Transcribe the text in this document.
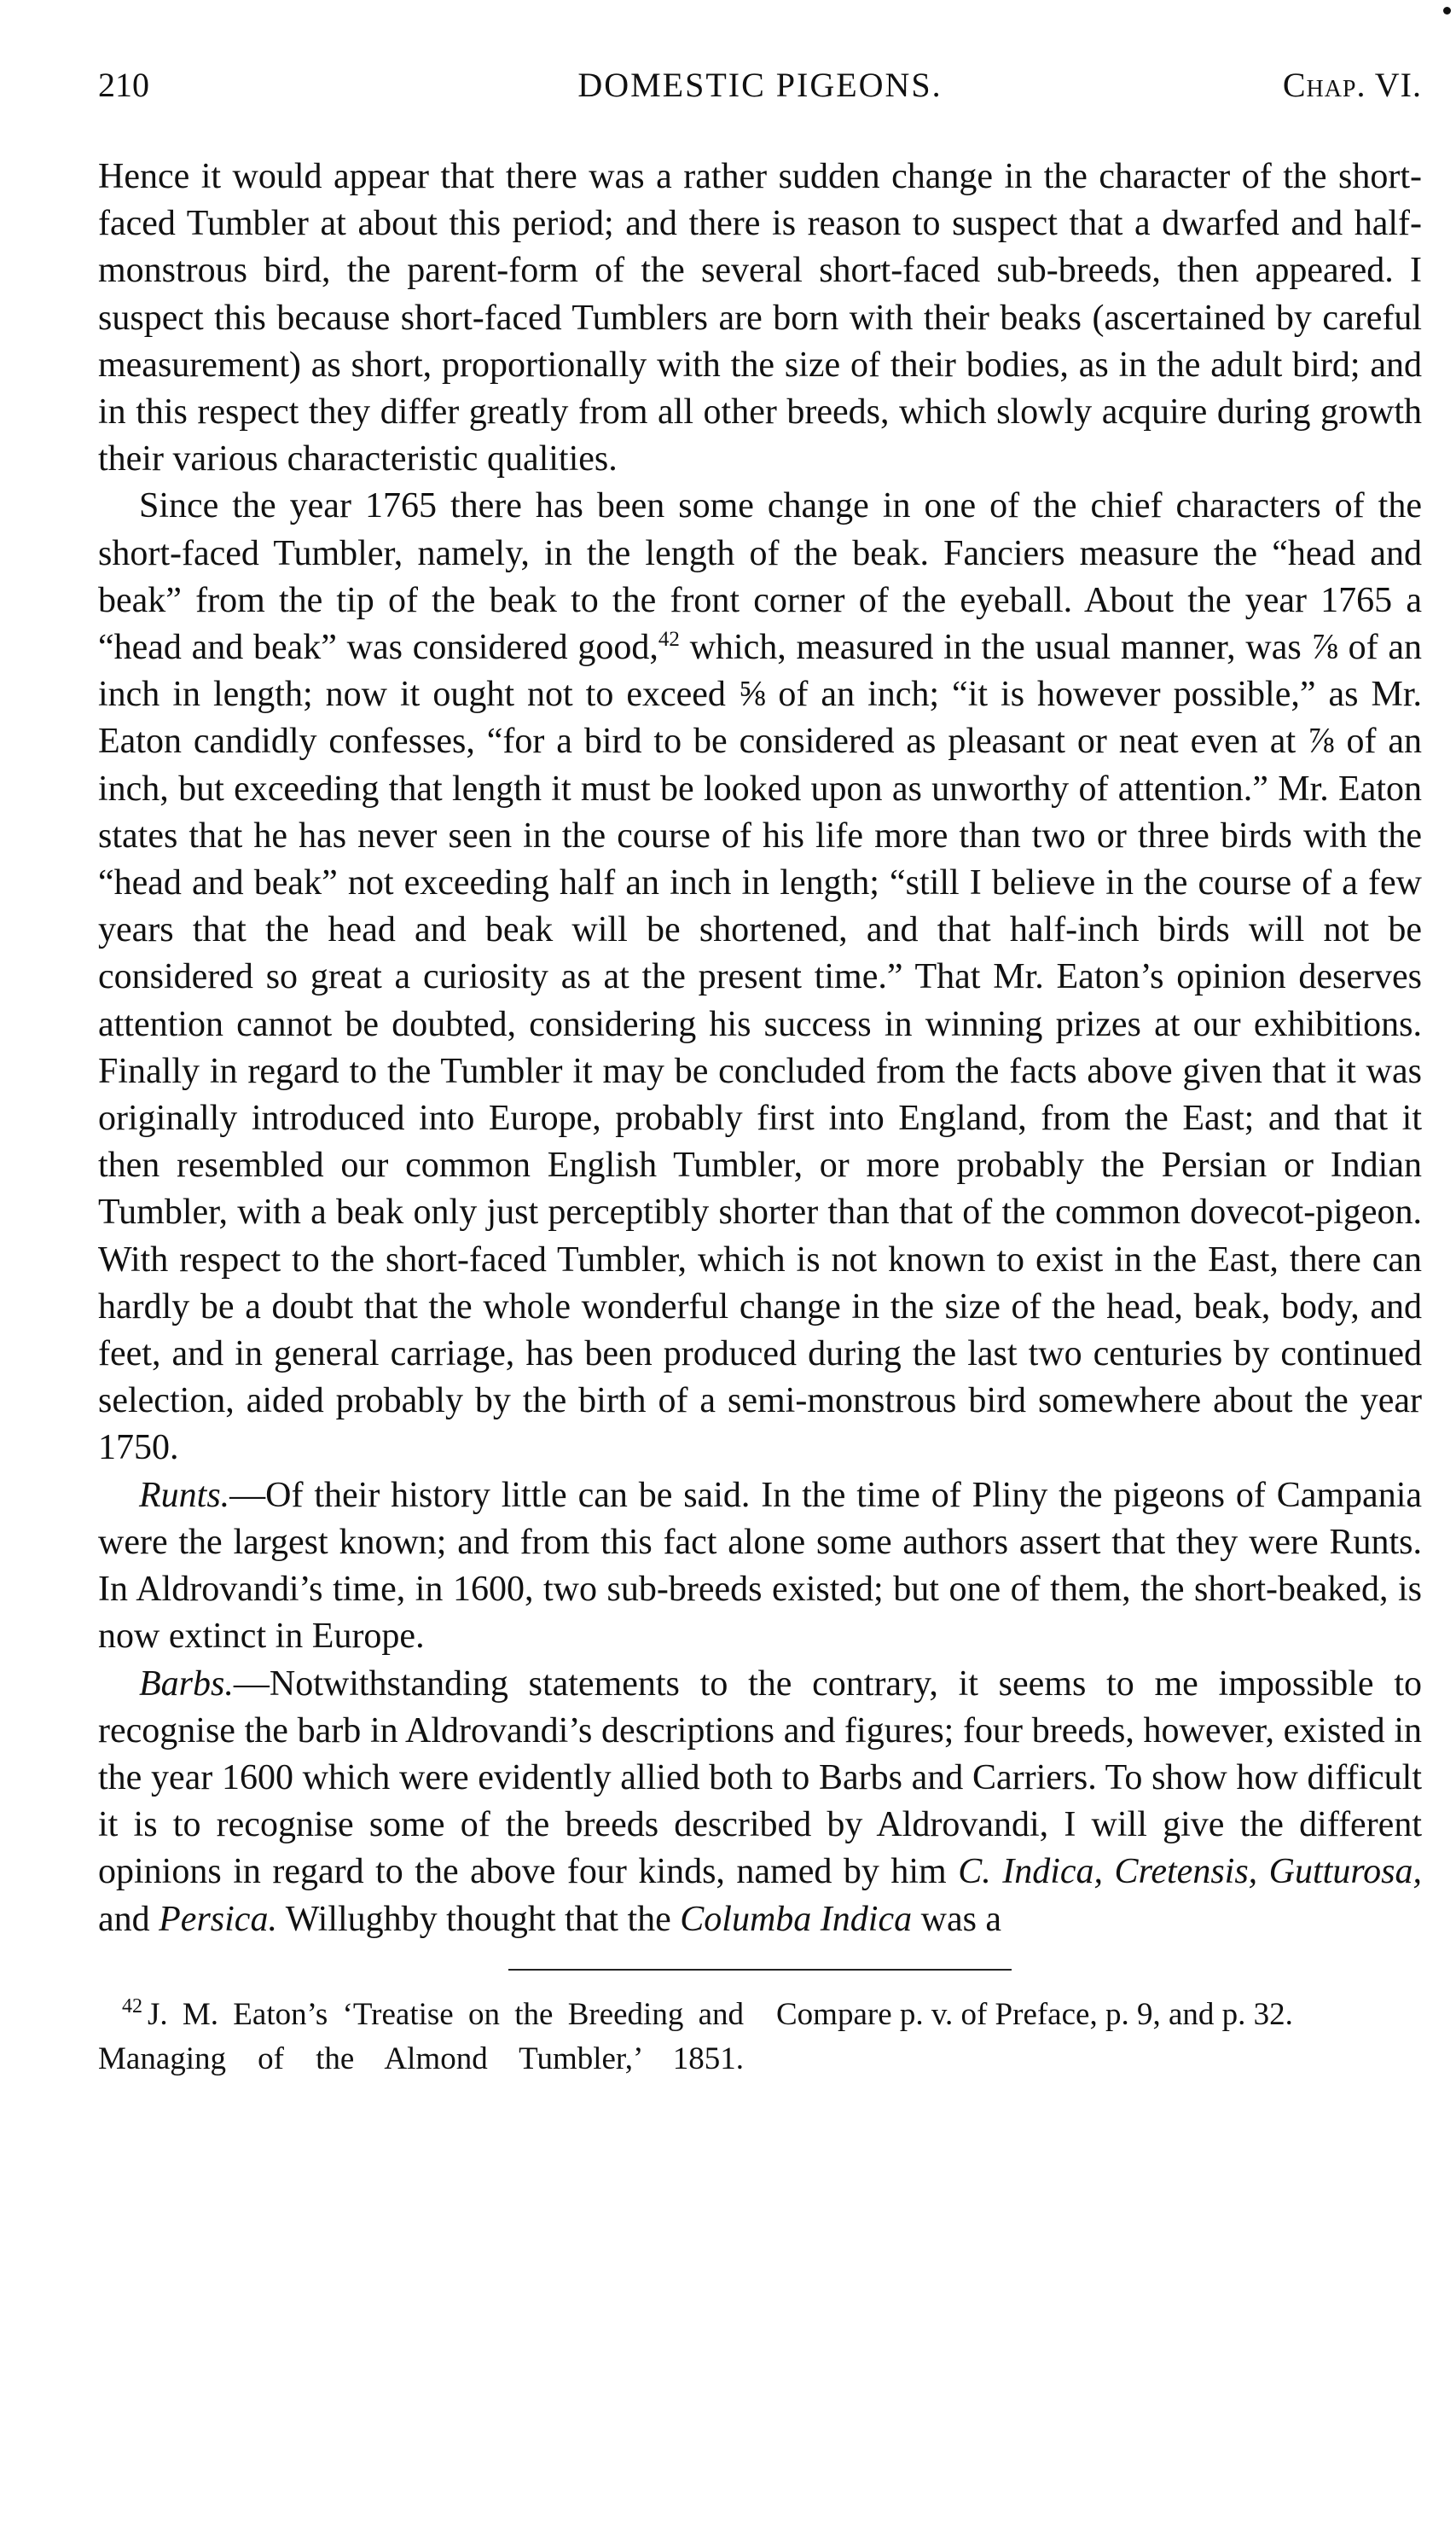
210	DOMESTIC PIGEONS.	Chap. VI.

Hence it would appear that there was a rather sudden change in the character of the short-faced Tumbler at about this period; and there is reason to suspect that a dwarfed and half-monstrous bird, the parent-form of the several short-faced sub-breeds, then appeared. I suspect this because short-faced Tumblers are born with their beaks (ascertained by careful measurement) as short, proportionally with the size of their bodies, as in the adult bird; and in this respect they differ greatly from all other breeds, which slowly acquire during growth their various characteristic qualities.

Since the year 1765 there has been some change in one of the chief characters of the short-faced Tumbler, namely, in the length of the beak. Fanciers measure the “head and beak” from the tip of the beak to the front corner of the eyeball. About the year 1765 a “head and beak” was considered good,$^{42}$ which, measured in the usual manner, was ⅞ of an inch in length; now it ought not to exceed ⅝ of an inch; “it is however possible,” as Mr. Eaton candidly confesses, “for a bird to be considered as pleasant or neat even at ⅞ of an inch, but exceeding that length it must be looked upon as unworthy of attention.” Mr. Eaton states that he has never seen in the course of his life more than two or three birds with the “head and beak” not exceeding half an inch in length; “still I believe in the course of a few years that the head and beak will be shortened, and that half-inch birds will not be considered so great a curiosity as at the present time.” That Mr. Eaton’s opinion deserves attention cannot be doubted, considering his success in winning prizes at our exhibitions. Finally in regard to the Tumbler it may be concluded from the facts above given that it was originally introduced into Europe, probably first into England, from the East; and that it then resembled our common English Tumbler, or more probably the Persian or Indian Tumbler, with a beak only just perceptibly shorter than that of the common dovecot-pigeon. With respect to the short-faced Tumbler, which is not known to exist in the East, there can hardly be a doubt that the whole wonderful change in the size of the head, beak, body, and feet, and in general carriage, has been produced during the last two centuries by continued selection, aided probably by the birth of a semi-monstrous bird somewhere about the year 1750.

Runts.—Of their history little can be said. In the time of Pliny the pigeons of Campania were the largest known; and from this fact alone some authors assert that they were Runts. In Aldrovandi’s time, in 1600, two sub-breeds existed; but one of them, the short-beaked, is now extinct in Europe.

Barbs.—Notwithstanding statements to the contrary, it seems to me impossible to recognise the barb in Aldrovandi’s descriptions and figures; four breeds, however, existed in the year 1600 which were evidently allied both to Barbs and Carriers. To show how difficult it is to recognise some of the breeds described by Aldrovandi, I will give the different opinions in regard to the above four kinds, named by him C. Indica, Cretensis, Gutturosa, and Persica. Willughby thought that the Columba Indica was a

$^{42}$ J. M. Eaton’s ‘Treatise on the Breeding and Managing of the Almond Tumbler,’ 1851. Compare p. v. of Preface, p. 9, and p. 32.
